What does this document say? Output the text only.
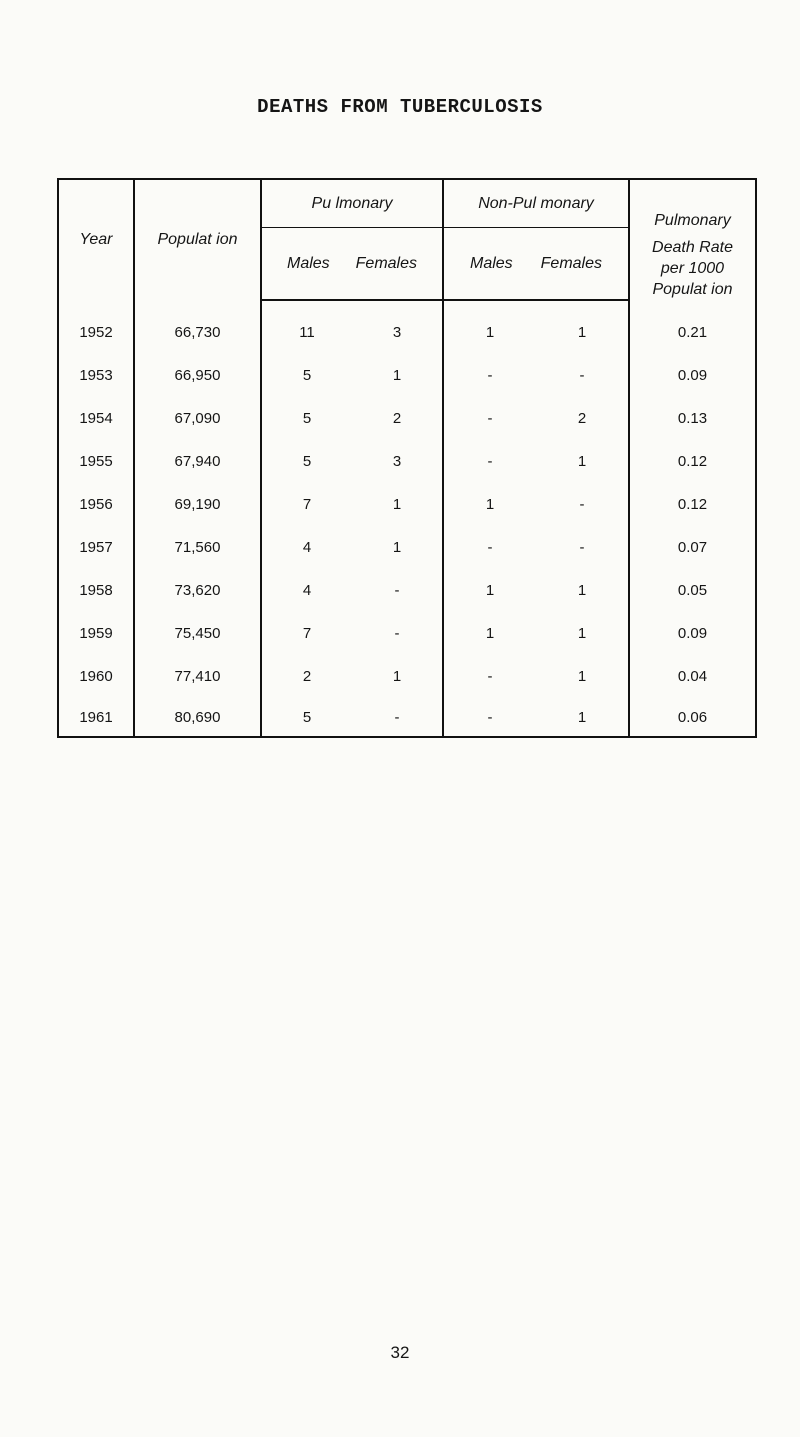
DEATHS FROM TUBERCULOSIS
Year	Populat ion	Pu lmonary	Non-Pul monary	Pulmonary
Death Rate
per 1000
Populat ion

		Males Females	Males Females	

1952	66,730	11 3	1 1	0.21
1953	66,950	5 1	- -	0.09
1954	67,090	5 2	- 2	0.13
1955	67,940	5 3	- 1	0.12
1956	69,190	7 1	1 -	0.12
1957	71,560	4 1	- -	0.07
1958	73,620	4 -	1 1	0.05
1959	75,450	7 -	1 1	0.09
1960	77,410	2 1	- 1	0.04
1961	80,690	5 -	- 1	0.06
32
